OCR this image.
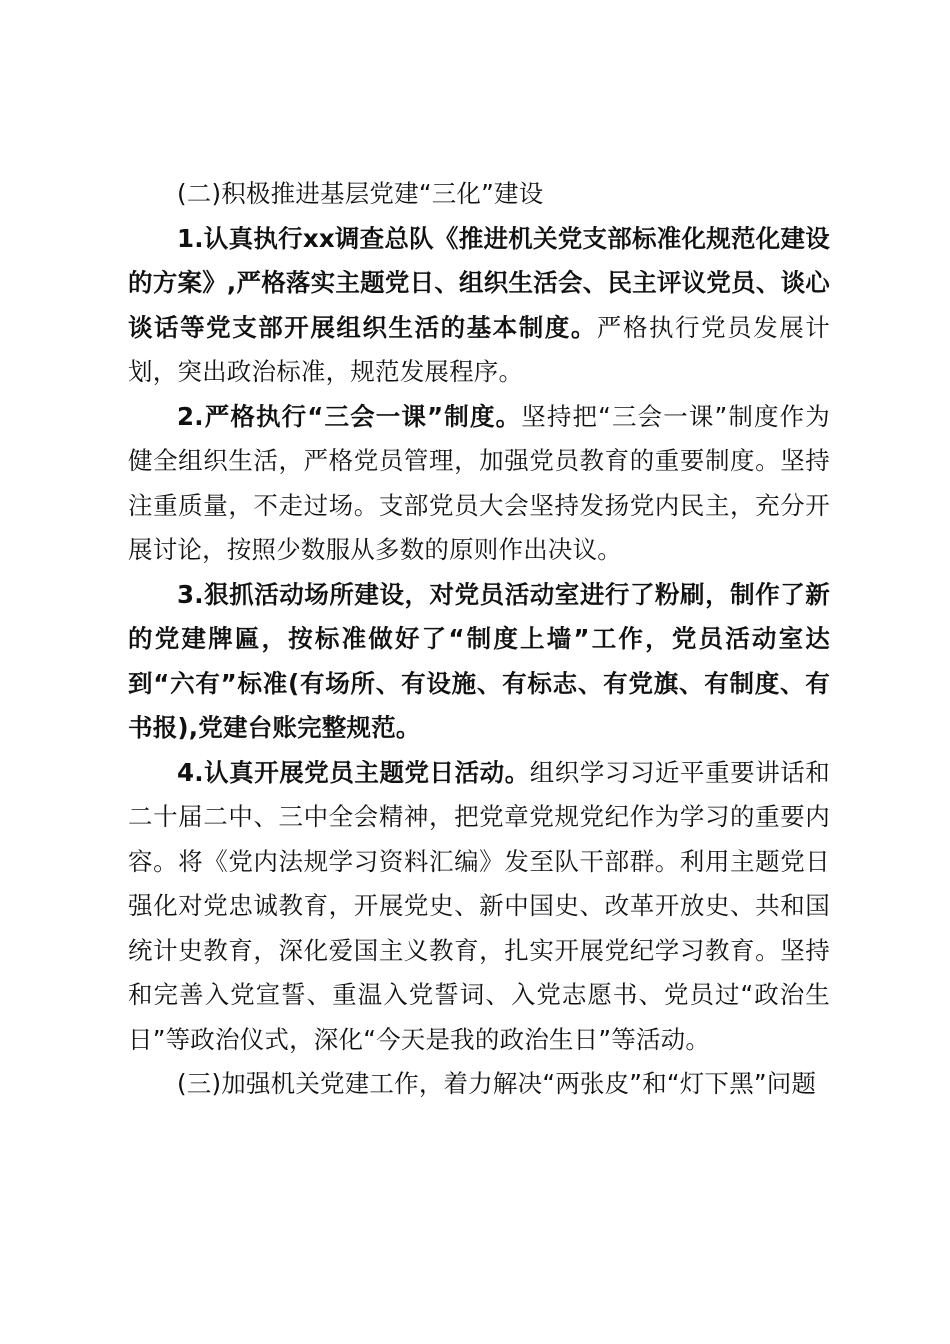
(二)积极推进基层党建“三化”建设

1.认真执行xx调查总队《推进机关党支部标准化规范化建设的方案》,严格落实主题党日、组织生活会、民主评议党员、谈心谈话等党支部开展组织生活的基本制度。严格执行党员发展计划，突出政治标准，规范发展程序。

2.严格执行“三会一课”制度。坚持把“三会一课”制度作为健全组织生活，严格党员管理，加强党员教育的重要制度。坚持注重质量，不走过场。支部党员大会坚持发扬党内民主，充分开展讨论，按照少数服从多数的原则作出决议。

3.狠抓活动场所建设，对党员活动室进行了粉刷，制作了新的党建牌匾，按标准做好了“制度上墙”工作，党员活动室达到“六有”标准(有场所、有设施、有标志、有党旗、有制度、有书报),党建台账完整规范。

4.认真开展党员主题党日活动。组织学习习近平重要讲话和二十届二中、三中全会精神，把党章党规党纪作为学习的重要内容。将《党内法规学习资料汇编》发至队干部群。利用主题党日强化对党忠诚教育，开展党史、新中国史、改革开放史、共和国统计史教育，深化爱国主义教育，扎实开展党纪学习教育。坚持和完善入党宣誓、重温入党誓词、入党志愿书、党员过“政治生日”等政治仪式，深化“今天是我的政治生日”等活动。

(三)加强机关党建工作，着力解决“两张皮”和“灯下黑”问题
